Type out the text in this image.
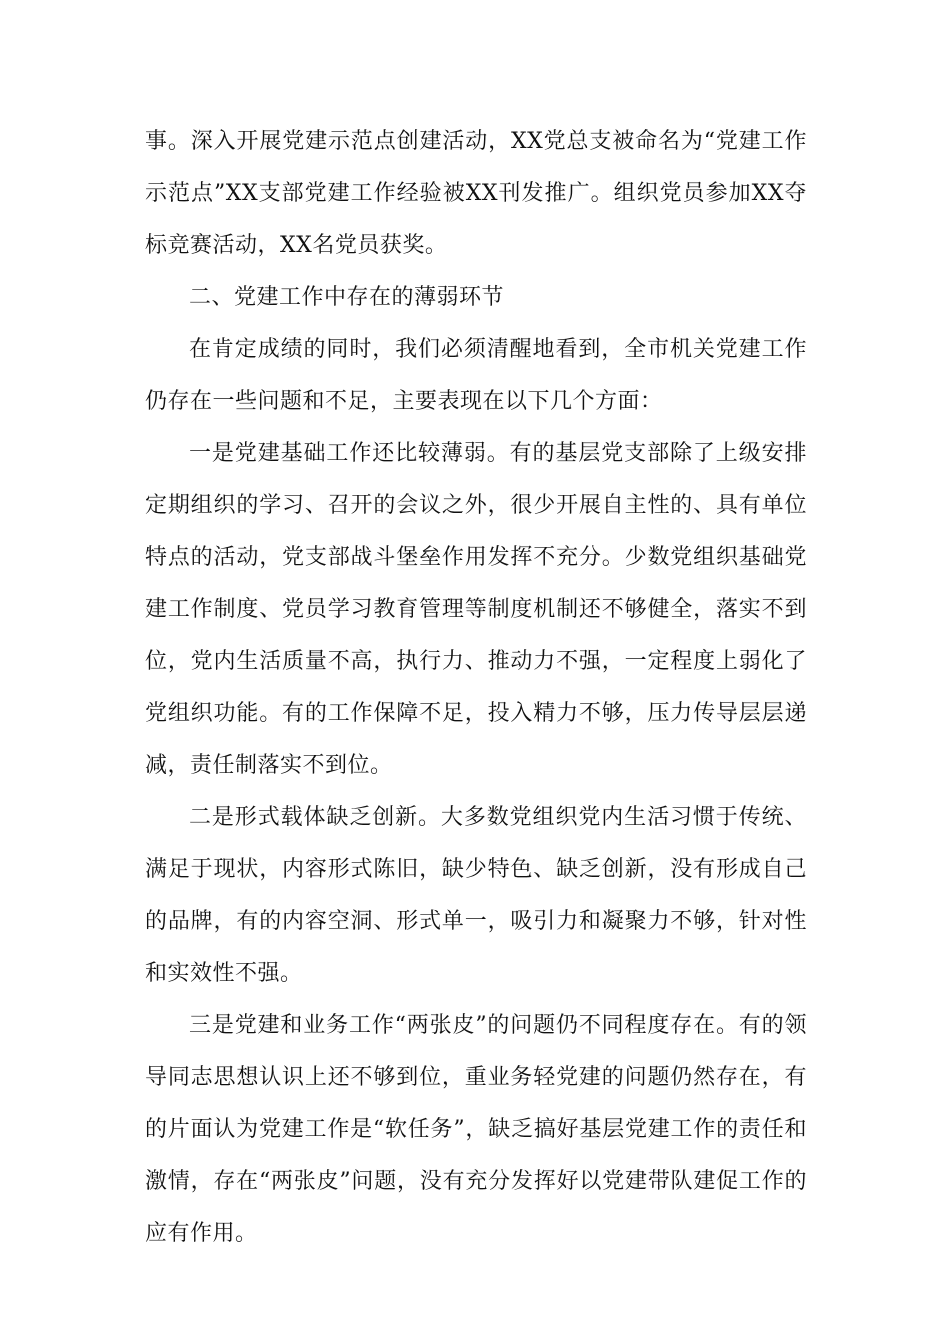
事。深入开展党建示范点创建活动，XX党总支被命名为“党建工作示范点”XX支部党建工作经验被XX刊发推广。组织党员参加XX夺标竞赛活动，XX名党员获奖。

二、党建工作中存在的薄弱环节

在肯定成绩的同时，我们必须清醒地看到，全市机关党建工作仍存在一些问题和不足，主要表现在以下几个方面：

一是党建基础工作还比较薄弱。有的基层党支部除了上级安排定期组织的学习、召开的会议之外，很少开展自主性的、具有单位特点的活动，党支部战斗堡垒作用发挥不充分。少数党组织基础党建工作制度、党员学习教育管理等制度机制还不够健全，落实不到位，党内生活质量不高，执行力、推动力不强，一定程度上弱化了党组织功能。有的工作保障不足，投入精力不够，压力传导层层递减，责任制落实不到位。

二是形式载体缺乏创新。大多数党组织党内生活习惯于传统、满足于现状，内容形式陈旧，缺少特色、缺乏创新，没有形成自己的品牌，有的内容空洞、形式单一，吸引力和凝聚力不够，针对性和实效性不强。

三是党建和业务工作“两张皮”的问题仍不同程度存在。有的领导同志思想认识上还不够到位，重业务轻党建的问题仍然存在，有的片面认为党建工作是“软任务”，缺乏搞好基层党建工作的责任和激情，存在“两张皮”问题，没有充分发挥好以党建带队建促工作的应有作用。
